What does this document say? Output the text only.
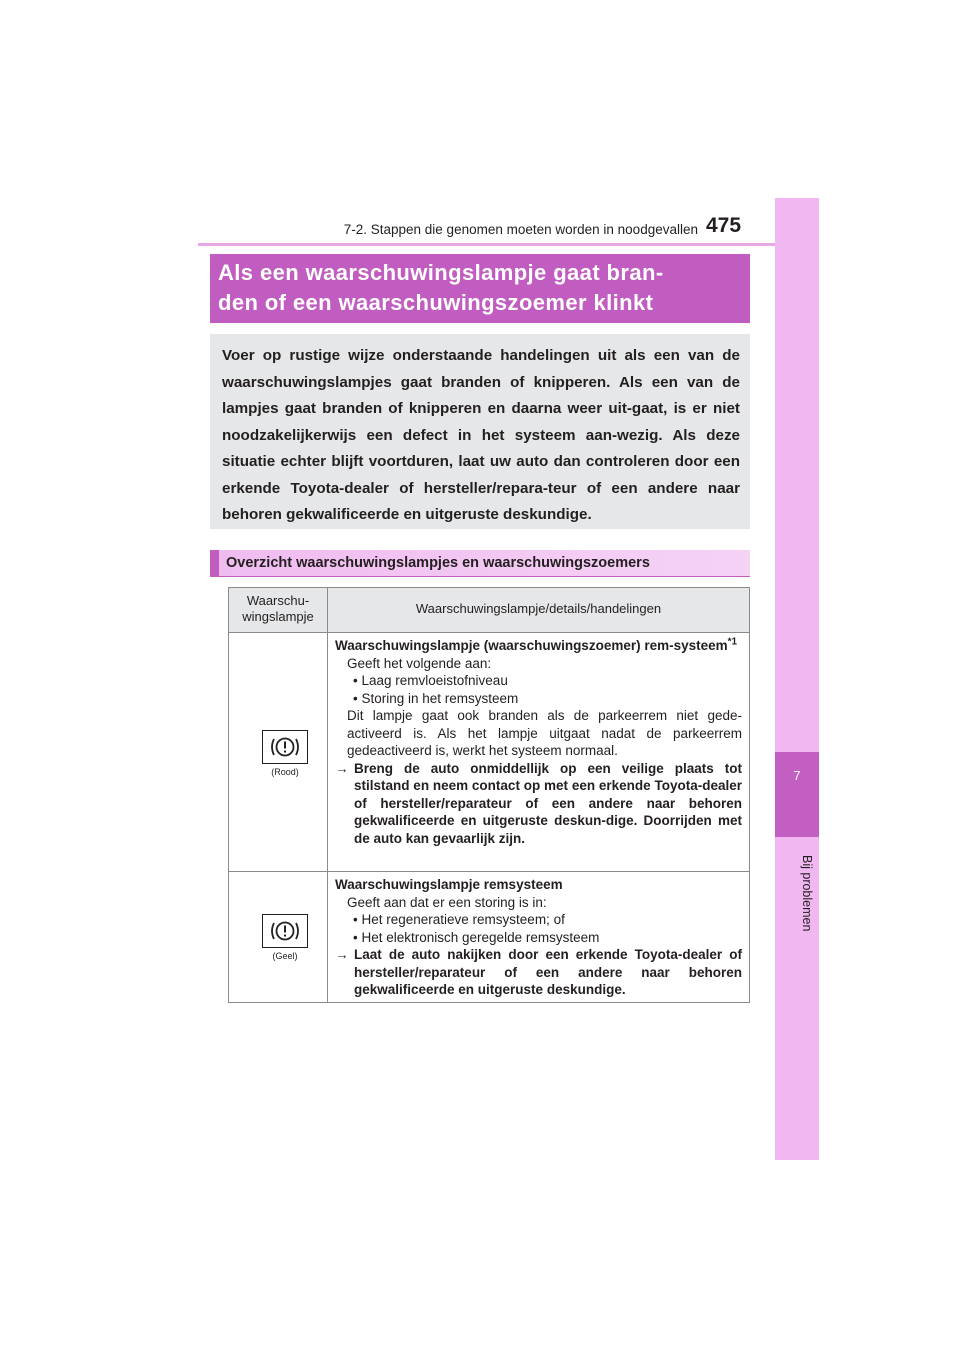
7-2. Stappen die genomen moeten worden in noodgevallen 475
7
Bij problemen
Als een waarschuwingslampje gaat bran-
den of een waarschuwingszoemer klinkt
Voer op rustige wijze onderstaande handelingen uit als een van de waarschuwingslampjes gaat branden of knipperen. Als een van de lampjes gaat branden of knipperen en daarna weer uit-gaat, is er niet noodzakelijkerwijs een defect in het systeem aan-wezig. Als deze situatie echter blijft voortduren, laat uw auto dan controleren door een erkende Toyota-dealer of hersteller/repara-teur of een andere naar behoren gekwalificeerde en uitgeruste deskundige.
Overzicht waarschuwingslampjes en waarschuwingszoemers
Waarschu-
wingslampje
Waarschuwingslampje/details/handelingen
(Rood)
Waarschuwingslampje (waarschuwingszoemer) rem-systeem$^{*1}$
Geeft het volgende aan:
• Laag remvloeistofniveau
• Storing in het remsysteem
Dit lampje gaat ook branden als de parkeerrem niet gede-activeerd is. Als het lampje uitgaat nadat de parkeerrem gedeactiveerd is, werkt het systeem normaal.
→ Breng de auto onmiddellijk op een veilige plaats tot stilstand en neem contact op met een erkende Toyota-dealer of hersteller/reparateur of een andere naar behoren gekwalificeerde en uitgeruste deskun-dige. Doorrijden met de auto kan gevaarlijk zijn.
(Geel)
Waarschuwingslampje remsysteem
Geeft aan dat er een storing is in:
• Het regeneratieve remsysteem; of
• Het elektronisch geregelde remsysteem
→ Laat de auto nakijken door een erkende Toyota-dealer of hersteller/reparateur of een andere naar behoren gekwalificeerde en uitgeruste deskundige.
